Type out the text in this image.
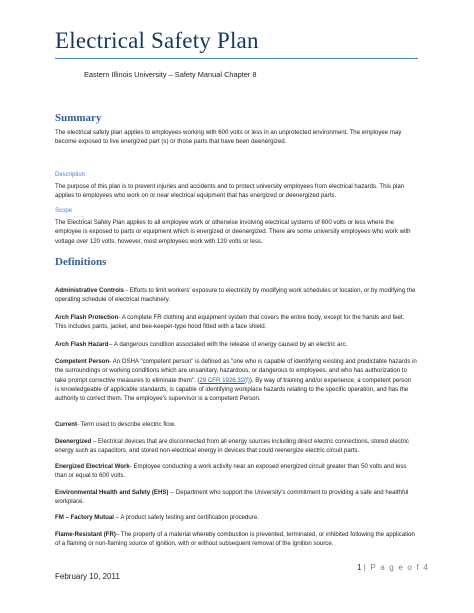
Electrical Safety Plan
Eastern Illinois University – Safety Manual Chapter 8
Summary
The electrical safety plan applies to employees working with 600 volts or less in an unprotected environment. The employee may become exposed to live energized part (s) or those parts that have been deenergized.
Description
The purpose of this plan is to prevent injuries and accidents and to protect university employees from electrical hazards. This plan applies to employees who work on or near electrical equipment that has energized or deenergized parts.
Scope
The Electrical Safety Plan applies to all employee work or otherwise involving electrical systems of 600 volts or less where the employee is exposed to parts or equipment which is energized or deenergized. There are some university employees who work with voltage over 120 volts, however, most employees work with 120 volts or less.
Definitions
Administrative Controls - Efforts to limit workers' exposure to electricity by modifying work schedules or location, or by modifying the operating schedule of electrical machinery.
Arch Flash Protection- A complete FR clothing and equipment system that covers the entire body, except for the hands and feet. This includes pants, jacket, and bee-keeper-type hood fitted with a face shield.
Arch Flash Hazard-- A dangerous condition associated with the release of energy caused by an electric arc.
Competent Person- An OSHA "competent person" is defined as "one who is capable of identifying existing and predictable hazards in the surroundings or working conditions which are unsanitary, hazardous, or dangerous to employees, and who has authorization to take prompt corrective measures to eliminate them". (29 CFR 1926.32(f)). By way of training and/or experience, a competent person is knowledgeable of applicable standards, is capable of identifying workplace hazards relating to the specific operation, and has the authority to correct them. The employee's supervisor is a competent Person.
Current- Term used to describe electric flow.
Deenergized – Electrical devices that are disconnected from all energy sources including direct electric connections, stored electric energy such as capacitors, and stored non-electrical energy in devices that could reenergize electric circuit parts.
Energized Electrical Work- Employee conducting a work activity near an exposed energized circuit greater than 50 volts and less than or equal to 600 volts.
Environmental Health and Safety (EHS) -- Department who support the University's commitment to providing a safe and healthful workplace.
FM – Factory Mutual – A product safety testing and certification procedure.
Flame-Resistant (FR)– The property of a material whereby combustion is prevented, terminated, or inhibited following the application of a flaming or non-flaming source of ignition, with or without subsequent removal of the ignition source.
1 | P a g e o f 4
February 10, 2011
